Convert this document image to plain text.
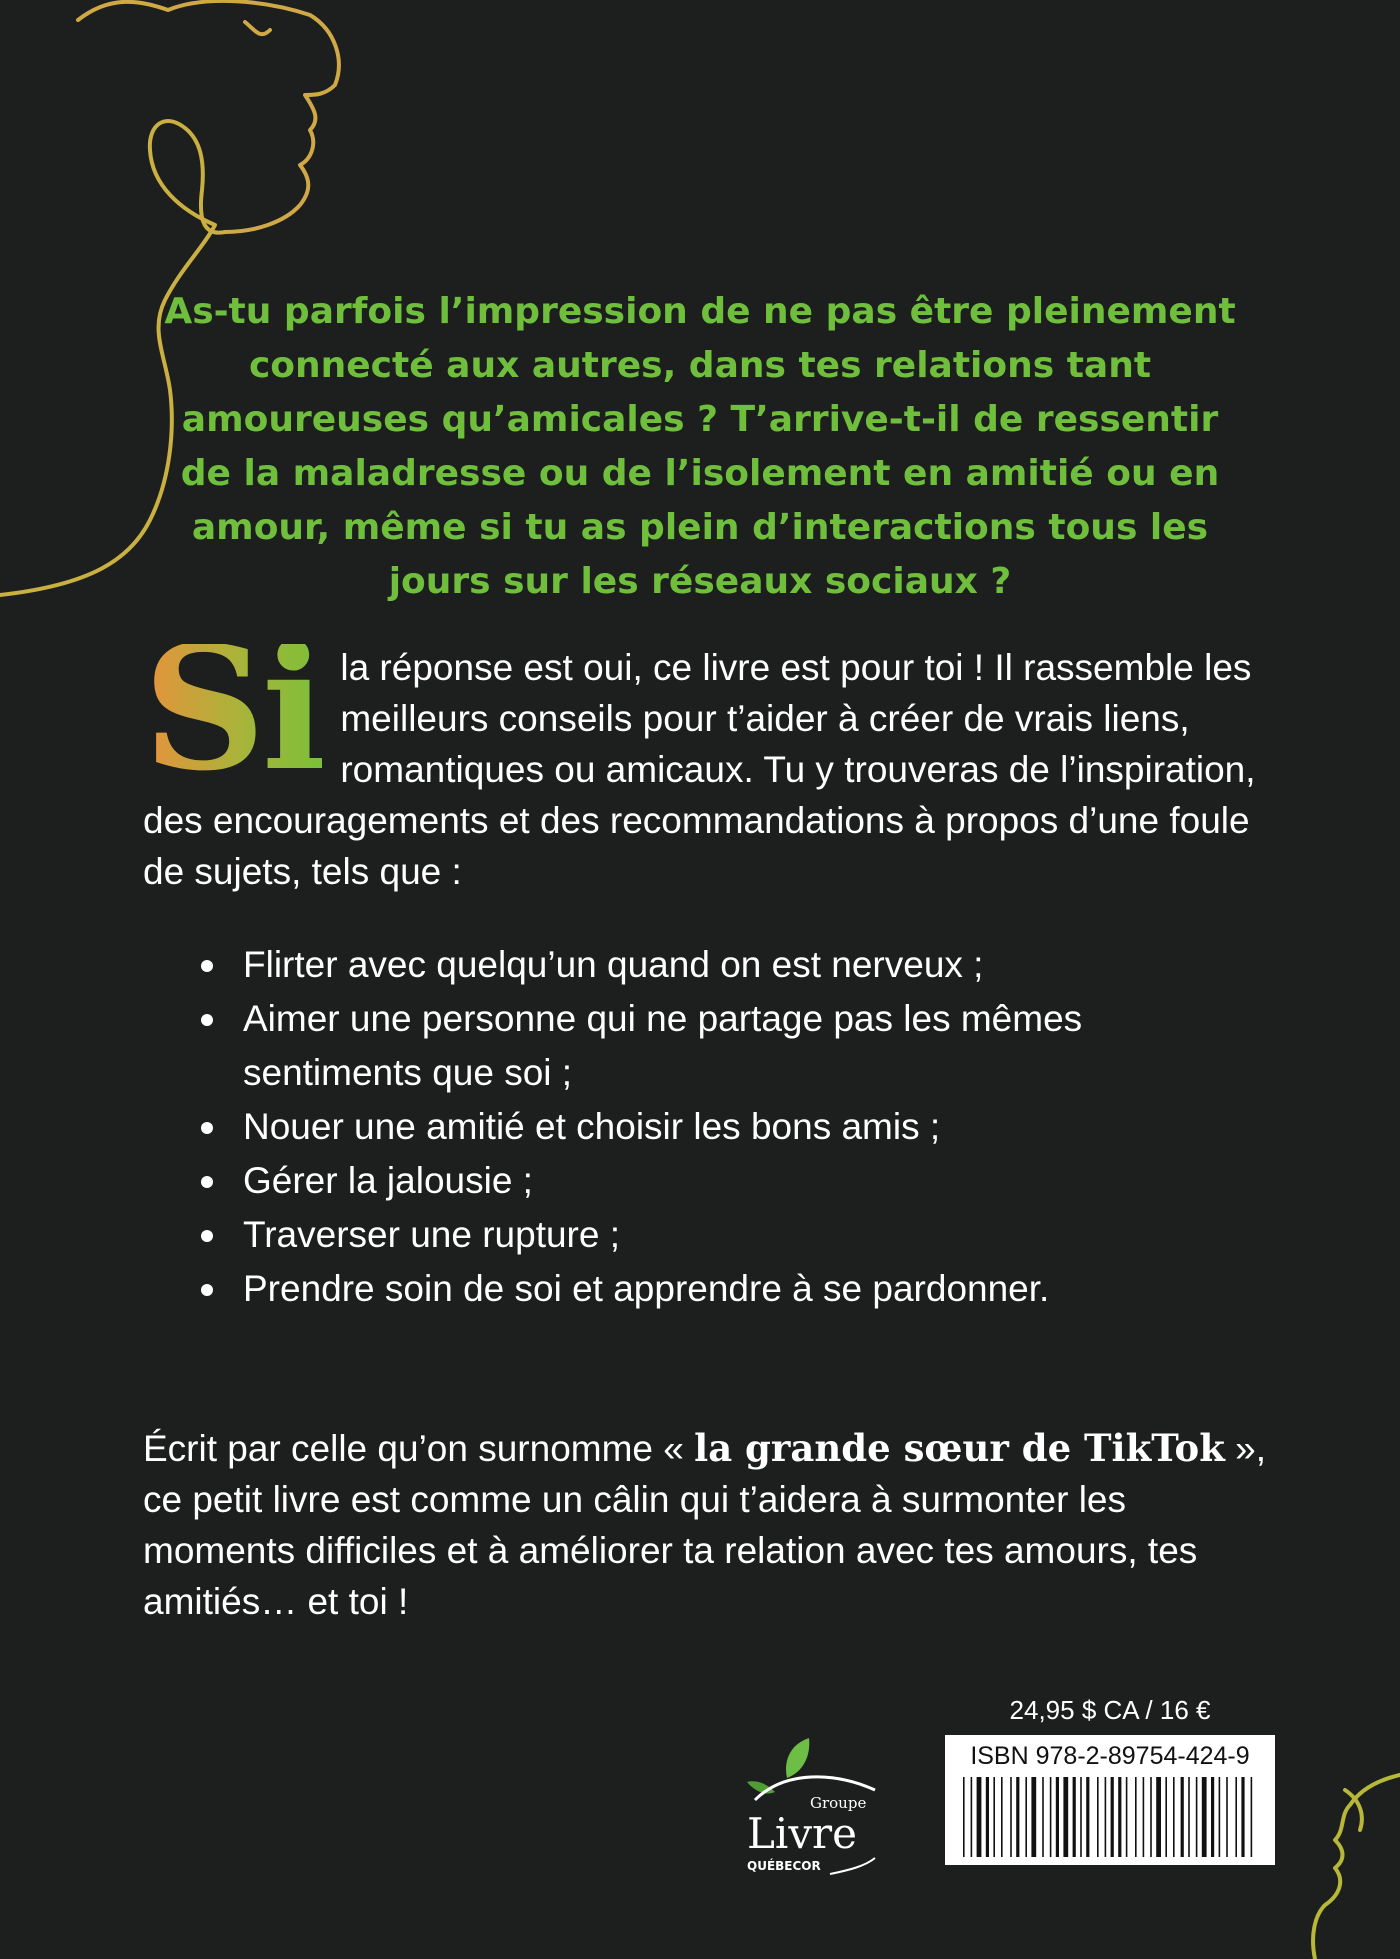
As-tu parfois l’impression de ne pas être pleinement connecté aux autres, dans tes relations tant amoureuses qu’amicales ? T’arrive-t-il de ressentir de la maladresse ou de l’isolement en amitié ou en amour, même si tu as plein d’interactions tous les jours sur les réseaux sociaux ?
Si la réponse est oui, ce livre est pour toi ! Il rassemble les meilleurs conseils pour t’aider à créer de vrais liens, romantiques ou amicaux. Tu y trouveras de l’inspiration, des encouragements et des recommandations à propos d’une foule de sujets, tels que :
Flirter avec quelqu’un quand on est nerveux ;
Aimer une personne qui ne partage pas les mêmes sentiments que soi ;
Nouer une amitié et choisir les bons amis ;
Gérer la jalousie ;
Traverser une rupture ;
Prendre soin de soi et apprendre à se pardonner.
Écrit par celle qu’on surnomme « la grande sœur de TikTok », ce petit livre est comme un câlin qui t’aidera à surmonter les moments difficiles et à améliorer ta relation avec tes amours, tes amitiés… et toi !
Groupe
Livre
QUÉBECOR
24,95 $ CA / 16 €
ISBN 978-2-89754-424-9
